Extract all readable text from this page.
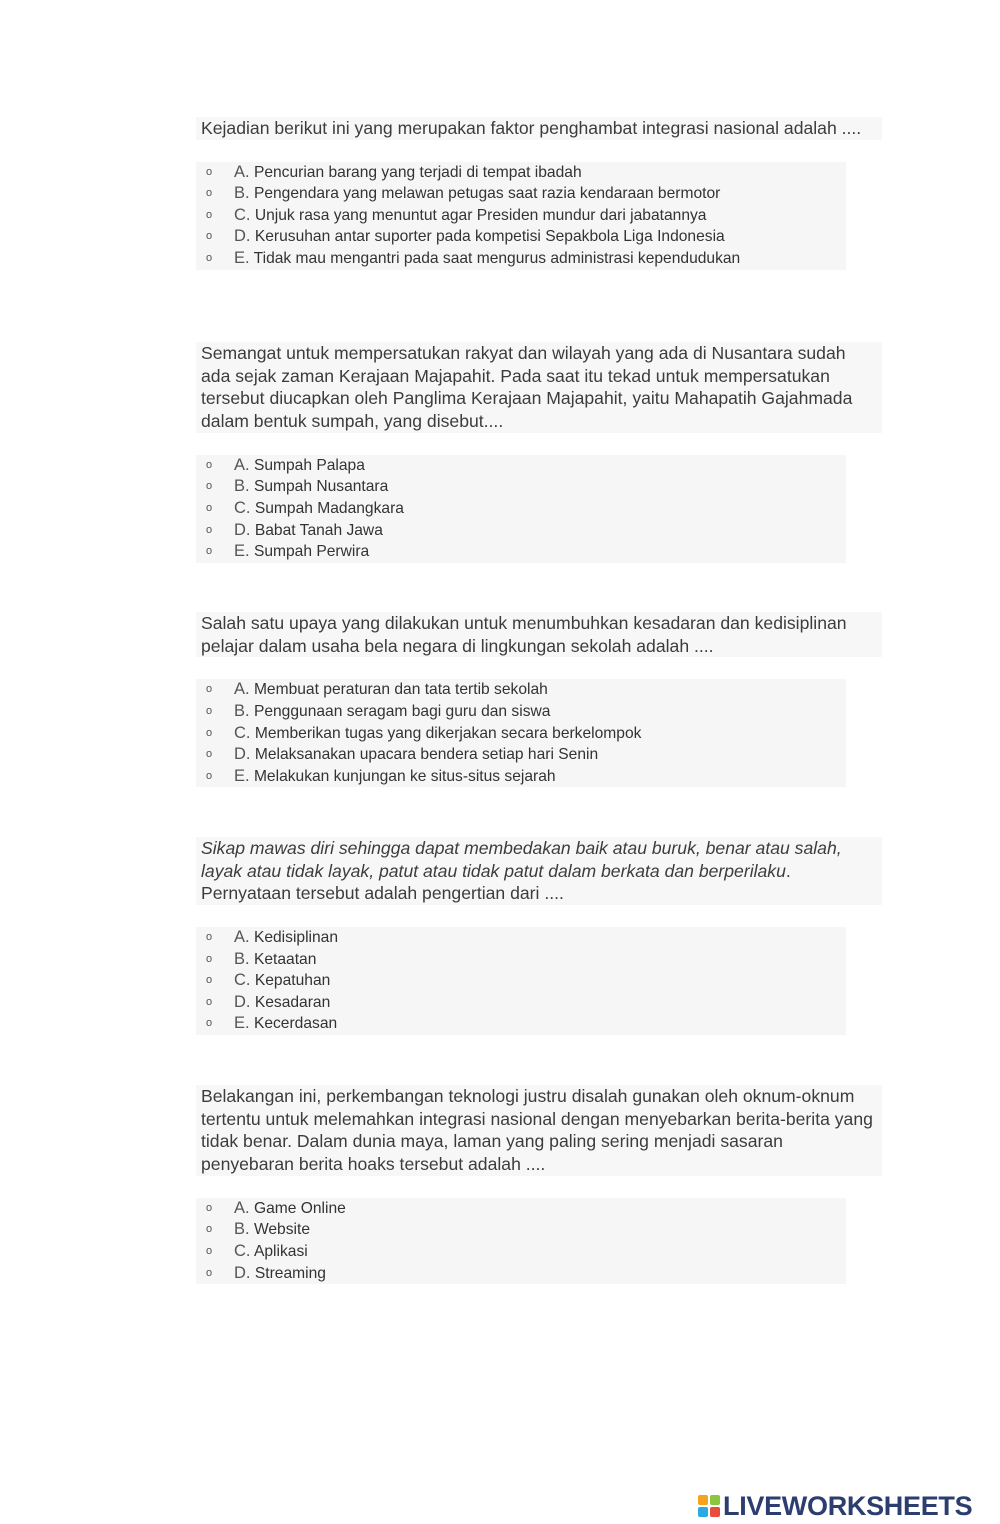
Kejadian berikut ini yang merupakan faktor penghambat integrasi nasional adalah ....
o A. Pencurian barang yang terjadi di tempat ibadah
o B. Pengendara yang melawan petugas saat razia kendaraan bermotor
o C. Unjuk rasa yang menuntut agar Presiden mundur dari jabatannya
o D. Kerusuhan antar suporter pada kompetisi Sepakbola Liga Indonesia
o E. Tidak mau mengantri pada saat mengurus administrasi kependudukan
Semangat untuk mempersatukan rakyat dan wilayah yang ada di Nusantara sudah ada sejak zaman Kerajaan Majapahit. Pada saat itu tekad untuk mempersatukan tersebut diucapkan oleh Panglima Kerajaan Majapahit, yaitu Mahapatih Gajahmada dalam bentuk sumpah, yang disebut....
o A. Sumpah Palapa
o B. Sumpah Nusantara
o C. Sumpah Madangkara
o D. Babat Tanah Jawa
o E. Sumpah Perwira
Salah satu upaya yang dilakukan untuk menumbuhkan kesadaran dan kedisiplinan pelajar dalam usaha bela negara di lingkungan sekolah adalah ....
o A. Membuat peraturan dan tata tertib sekolah
o B. Penggunaan seragam bagi guru dan siswa
o C. Memberikan tugas yang dikerjakan secara berkelompok
o D. Melaksanakan upacara bendera setiap hari Senin
o E. Melakukan kunjungan ke situs-situs sejarah
Sikap mawas diri sehingga dapat membedakan baik atau buruk, benar atau salah, layak atau tidak layak, patut atau tidak patut dalam berkata dan berperilaku. Pernyataan tersebut adalah pengertian dari ....
o A. Kedisiplinan
o B. Ketaatan
o C. Kepatuhan
o D. Kesadaran
o E. Kecerdasan
Belakangan ini, perkembangan teknologi justru disalah gunakan oleh oknum-oknum tertentu untuk melemahkan integrasi nasional dengan menyebarkan berita-berita yang tidak benar. Dalam dunia maya, laman yang paling sering menjadi sasaran penyebaran berita hoaks tersebut adalah ....
o A. Game Online
o B. Website
o C. Aplikasi
o D. Streaming
LIVEWORKSHEETS
